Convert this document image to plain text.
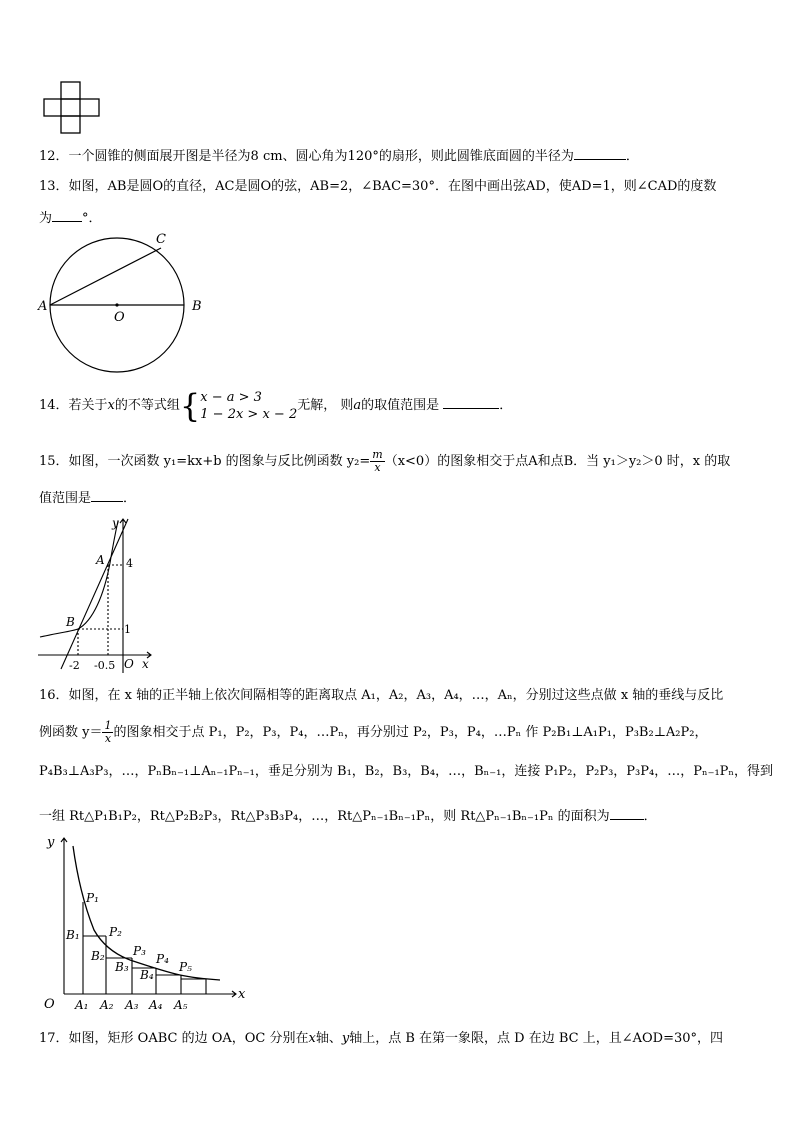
12．一个圆锥的侧面展开图是半径为8 cm、圆心角为120°的扇形，则此圆锥底面圆的半径为	．
13．如图，AB是圆O的直径，AC是圆O的弦，AB=2，∠BAC=30°．在图中画出弦AD，使AD=1，则∠CAD的度数
为 °．
A	B
C
O
14．若关于x的不等式组{x − a > 3
1 − 2x > x − 2无解， 则a的取值范围是	．
15．如图，一次函数 y₁=kx+b 的图象与反比例函数 $y_2= \frac{m}{x} (x<0)$的图象相交于点A和点B．当 y₁＞y₂＞0 时，x 的取
值范围是 ．
y
A
B
4
1
-2 -0.5 O x
16．如图，在 x 轴的正半轴上依次间隔相等的距离取点 A₁，A₂，A₃，A₄，…，Aₙ，分别过这些点做 x 轴的垂线与反比
例函数 $y= \frac{1}{x}$ 的图象相交于点 P₁，P₂，P₃，P₄，…Pₙ，再分别过 P₂，P₃，P₄，…Pₙ 作 P₂B₁⊥A₁P₁，P₃B₂⊥A₂P₂，
P₄B₃⊥A₃P₃，…，PₙBₙ₋₁⊥Aₙ₋₁Pₙ₋₁，垂足分别为 B₁，B₂，B₃，B₄，…，Bₙ₋₁，连接 P₁P₂，P₂P₃，P₃P₄，…，Pₙ₋₁Pₙ，得到
一组 Rt△P₁B₁P₂，Rt△P₂B₂P₃，Rt△P₃B₃P₄，…，Rt△Pₙ₋₁Bₙ₋₁Pₙ，则 Rt△Pₙ₋₁Bₙ₋₁Pₙ 的面积为	．
y
x
O
P₁
P₂
P₃
P₄
P₅
B₁
B₂
B₃
B₄
A₁ A₂ A₃ A₄ A₅
17．如图，矩形 OABC 的边 OA，OC 分别在x轴、y轴上，点 B 在第一象限，点 D 在边 BC 上，且∠AOD=30°，四
